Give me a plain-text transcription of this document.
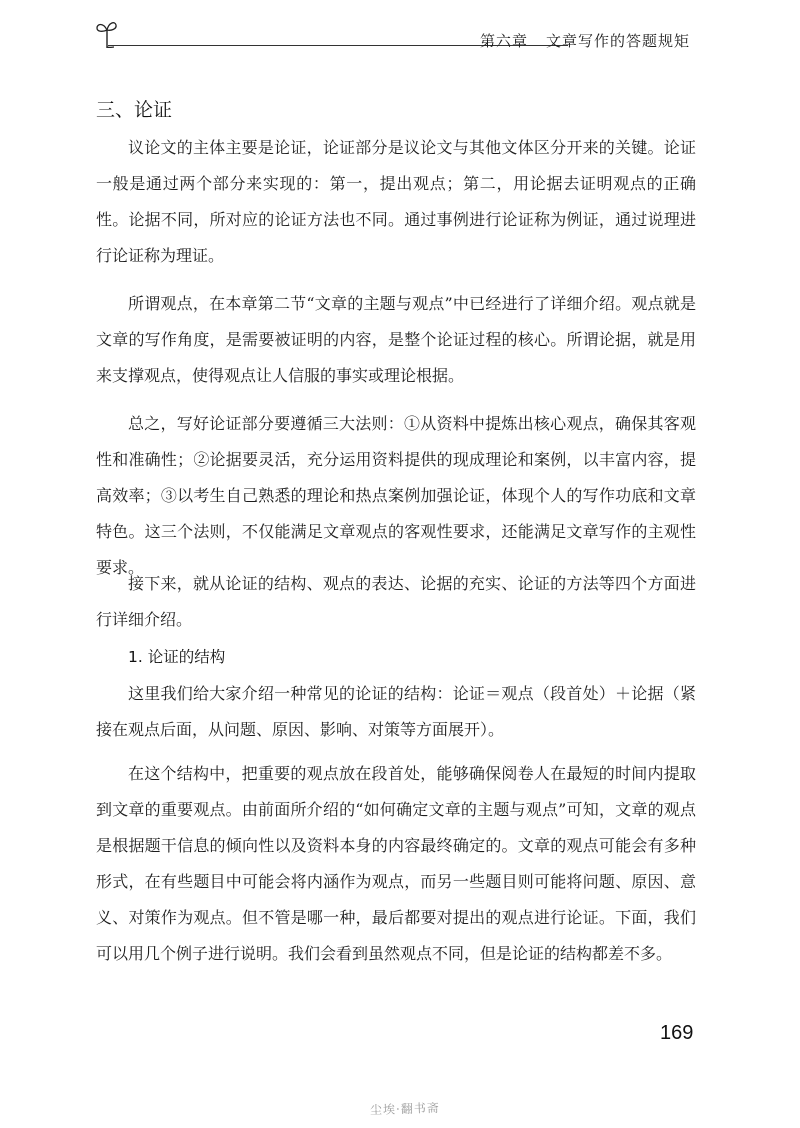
第六章 文章写作的答题规矩
三、论证

议论文的主体主要是论证，论证部分是议论文与其他文体区分开来的关键。论证一般是通过两个部分来实现的：第一，提出观点；第二，用论据去证明观点的正确性。论据不同，所对应的论证方法也不同。通过事例进行论证称为例证，通过说理进行论证称为理证。

所谓观点，在本章第二节“文章的主题与观点”中已经进行了详细介绍。观点就是文章的写作角度，是需要被证明的内容，是整个论证过程的核心。所谓论据，就是用来支撑观点，使得观点让人信服的事实或理论根据。

总之，写好论证部分要遵循三大法则：①从资料中提炼出核心观点，确保其客观性和准确性；②论据要灵活，充分运用资料提供的现成理论和案例，以丰富内容，提高效率；③以考生自己熟悉的理论和热点案例加强论证，体现个人的写作功底和文章特色。这三个法则，不仅能满足文章观点的客观性要求，还能满足文章写作的主观性要求。

接下来，就从论证的结构、观点的表达、论据的充实、论证的方法等四个方面进行详细介绍。

1. 论证的结构

这里我们给大家介绍一种常见的论证的结构：论证＝观点（段首处）＋论据（紧接在观点后面，从问题、原因、影响、对策等方面展开）。

在这个结构中，把重要的观点放在段首处，能够确保阅卷人在最短的时间内提取到文章的重要观点。由前面所介绍的“如何确定文章的主题与观点”可知，文章的观点是根据题干信息的倾向性以及资料本身的内容最终确定的。文章的观点可能会有多种形式，在有些题目中可能会将内涵作为观点，而另一些题目则可能将问题、原因、意义、对策作为观点。但不管是哪一种，最后都要对提出的观点进行论证。下面，我们可以用几个例子进行说明。我们会看到虽然观点不同，但是论证的结构都差不多。

169
尘埃·翻书斋
